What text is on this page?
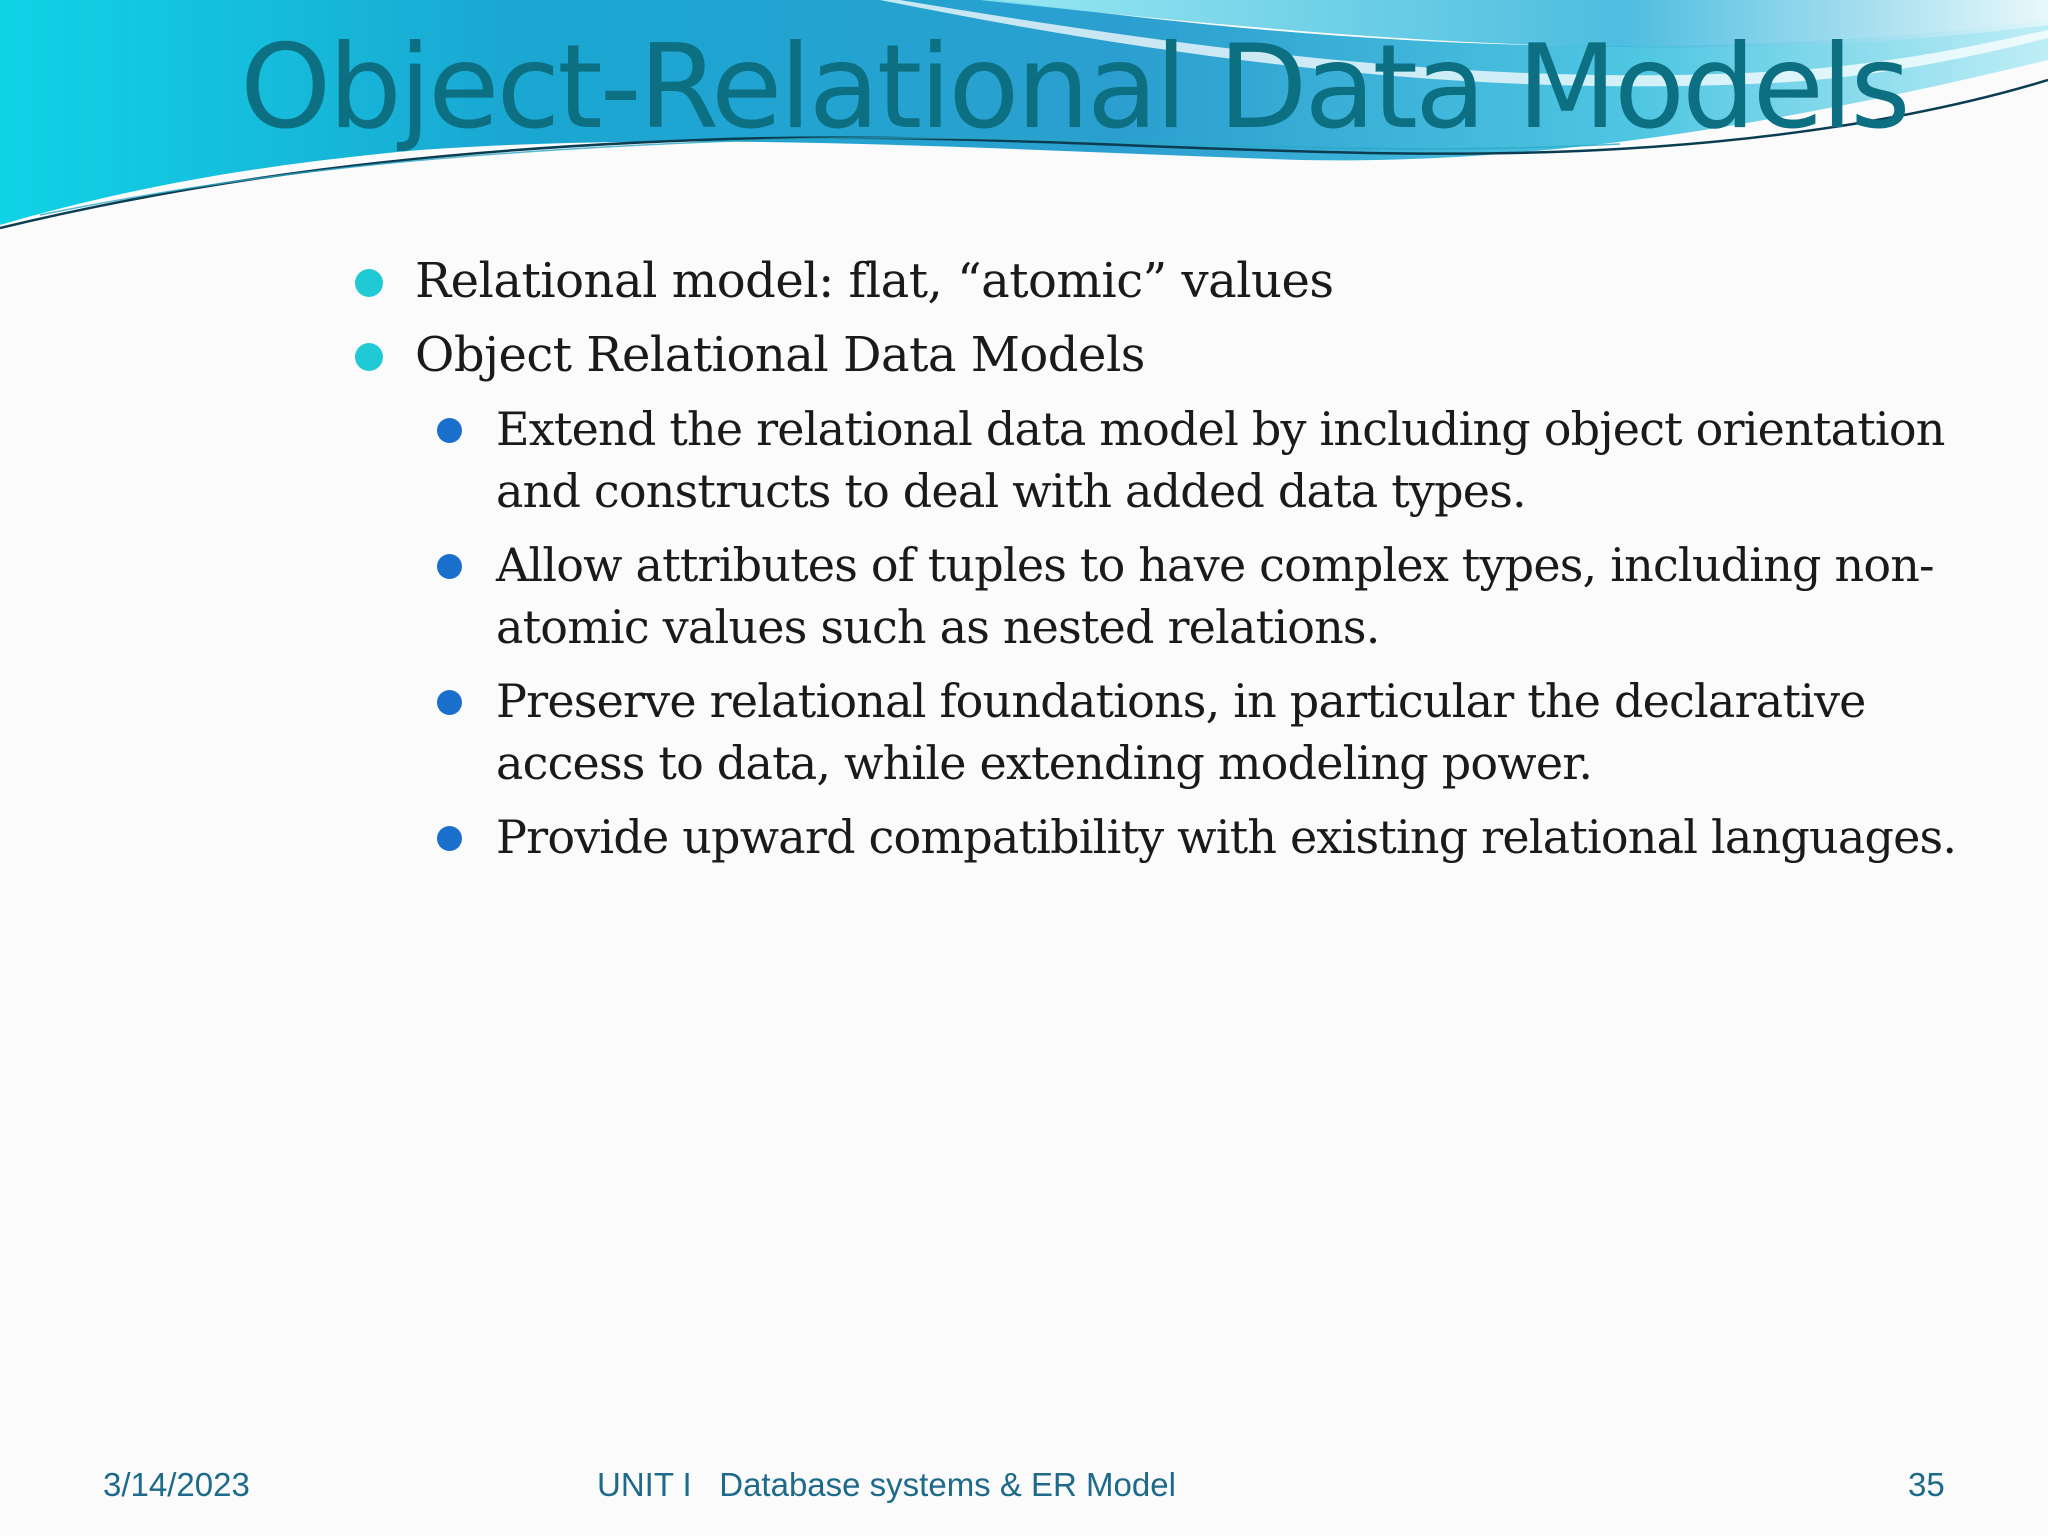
Object-Relational Data Models
Relational model: flat, “atomic” values
Object Relational Data Models
Extend the relational data model by including object orientation and constructs to deal with added data types.
Allow attributes of tuples to have complex types, including non-atomic values such as nested relations.
Preserve relational foundations, in particular the declarative access to data, while extending modeling power.
Provide upward compatibility with existing relational languages.
3/14/2023	UNIT I   Database systems & ER Model	35
